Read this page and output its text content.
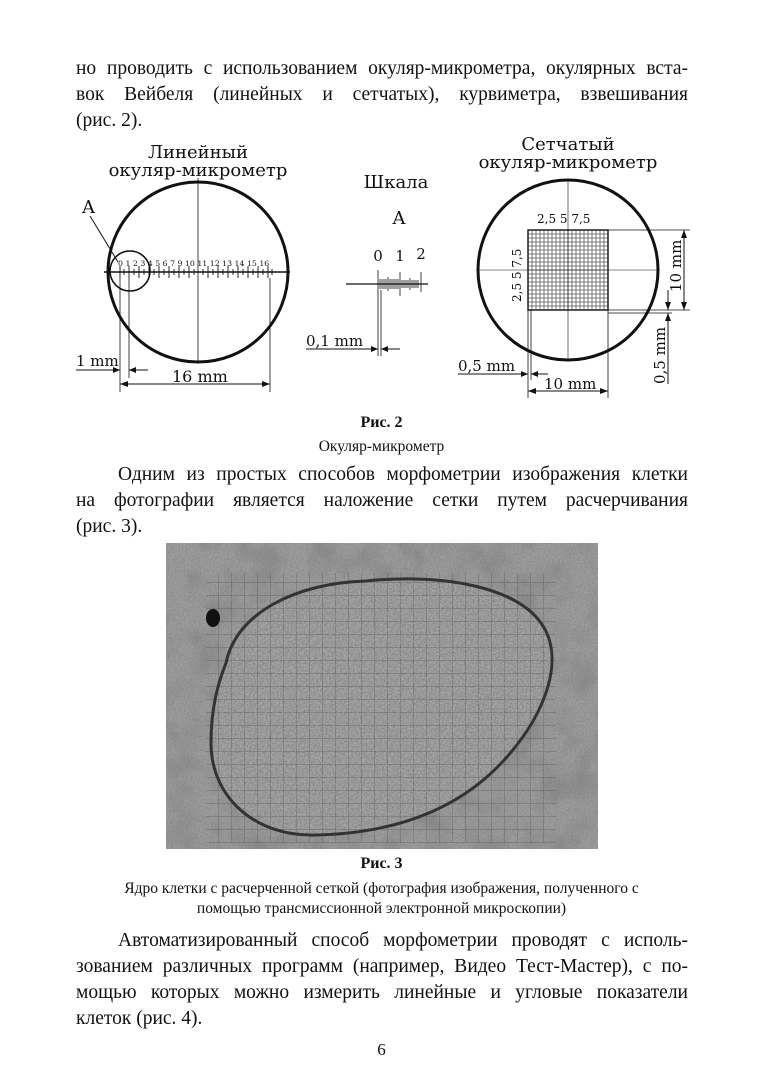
но проводить с использованием окуляр-микрометра, окулярных вста-
вок Вейбеля (линейных и сетчатых), курвиметра, взвешивания
(рис. 2).
Линейный
окуляр-микрометр
0 1 2 3 4 5 6 7 9 10 11 12 13 14 15 16
A
1 mm
16 mm
Шкала
A
0 1 2
0,1 mm
Сетчатый
окуляр-микрометр
2,5 5 7,5
2,5 5 7,5
0,5 mm
10 mm
10 mm
0,5 mm
Рис. 2
Окуляр-микрометр
Одним из простых способов морфометрии изображения клетки
на фотографии является наложение сетки путем расчерчивания
(рис. 3).
Рис. 3
Ядро клетки с расчерченной сеткой (фотография изображения, полученного с
помощью трансмиссионной электронной микроскопии)
Автоматизированный способ морфометрии проводят с исполь-
зованием различных программ (например, Видео Тест-Мастер), с по-
мощью которых можно измерить линейные и угловые показатели
клеток (рис. 4).
6
